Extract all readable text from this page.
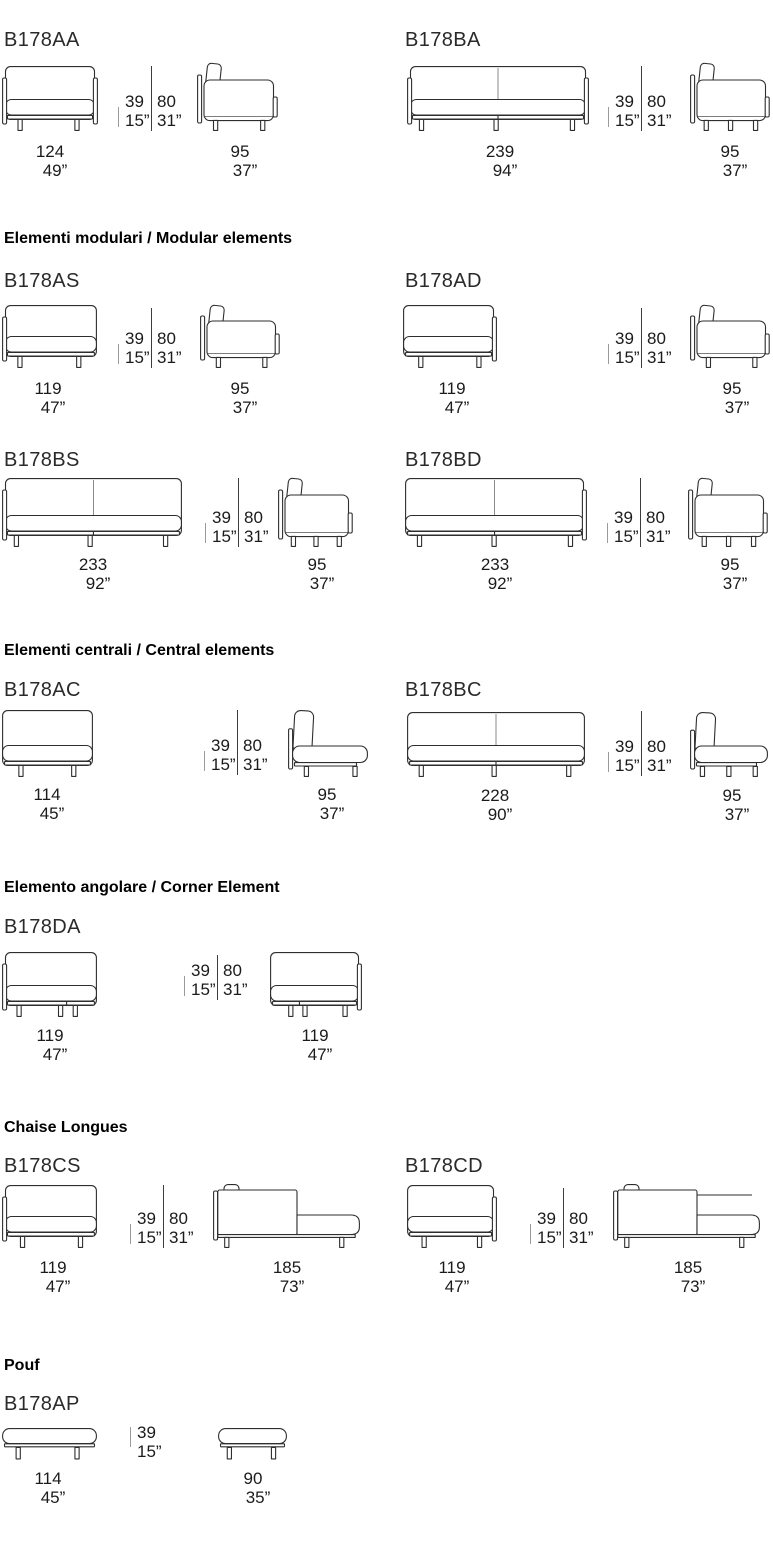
B178AA
39
15”
80
31”
124
49”
95
37”
B178BA
39
15”
80
31”
239
94”
95
37”
Elementi modulari / Modular elements
B178AS
39
15”
80
31”
119
47”
95
37”
B178AD
39
15”
80
31”
119
47”
95
37”
B178BS
39
15”
80
31”
233
92”
95
37”
B178BD
39
15”
80
31”
233
92”
95
37”
Elementi centrali / Central elements
B178AC
39
15”
80
31”
114
45”
95
37”
B178BC
39
15”
80
31”
228
90”
95
37”
Elemento angolare / Corner Element
B178DA
39
15”
80
31”
119
47”
119
47”
Chaise Longues
B178CS
39
15”
80
31”
119
47”
185
73”
B178CD
39
15”
80
31”
119
47”
185
73”
Pouf
B178AP
39
15”
114
45”
90
35”
